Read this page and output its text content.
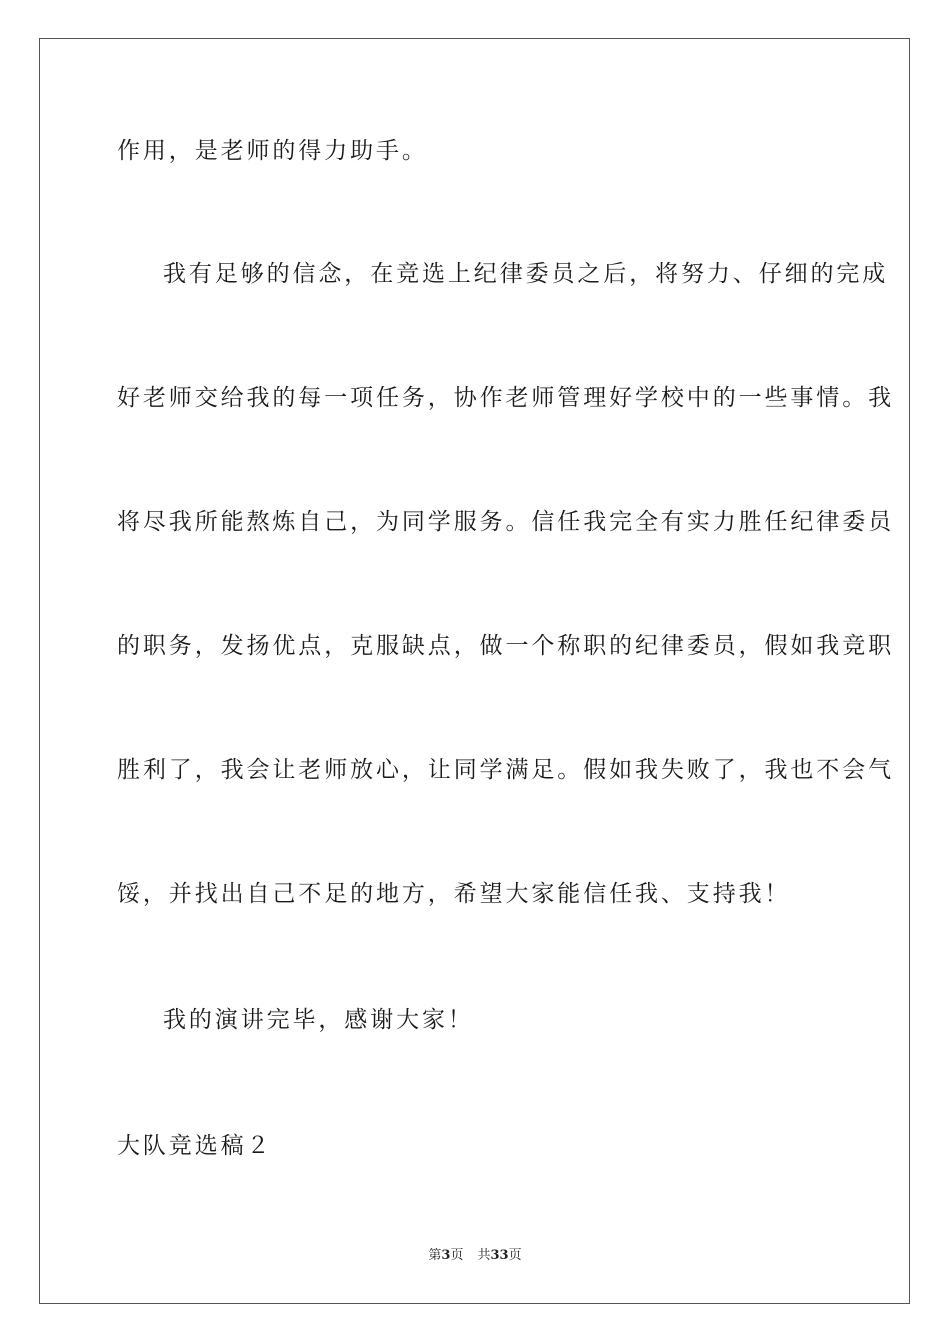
作用，是老师的得力助手。
我有足够的信念，在竞选上纪律委员之后，将努力、仔细的完成
好老师交给我的每一项任务，协作老师管理好学校中的一些事情。我
将尽我所能熬炼自己，为同学服务。信任我完全有实力胜任纪律委员
的职务，发扬优点，克服缺点，做一个称职的纪律委员，假如我竞职
胜利了，我会让老师放心，让同学满足。假如我失败了，我也不会气
馁，并找出自己不足的地方，希望大家能信任我、支持我！
我的演讲完毕，感谢大家！
大队竞选稿２
第3页 共33页
